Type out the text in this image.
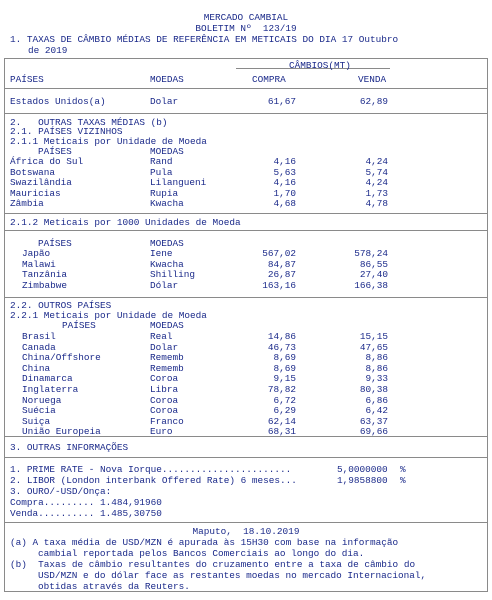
MERCADO CAMBIAL
BOLETIM Nº  123/19
1. TAXAS DE CÂMBIO MÉDIAS DE REFERÊNCIA EM METICAIS DO DIA 17 Outubro
de 2019
CÂMBIOS(MT)
PAÍSES	MOEDAS	COMPRA	VENDA
Estados Unidos(a)	Dolar	61,67	62,89
2.   OUTRAS TAXAS MÉDIAS (b)
2.1. PAÍSES VIZINHOS
2.1.1 Meticais por Unidade de Moeda
PAÍSES	MOEDAS
África do Sul	Rand	4,16	4,24
Botswana	Pula	5,63	5,74
Swazilândia	Lilangueni	4,16	4,24
Mauricias	Rupia	1,70	1,73
Zâmbia	Kwacha	4,68	4,78
2.1.2 Meticais por 1000 Unidades de Moeda
PAÍSES	MOEDAS
Japão	Iene	567,02	578,24
Malawi	Kwacha	84,87	86,55
Tanzânia	Shilling	26,87	27,40
Zimbabwe	Dólar	163,16	166,38
2.2. OUTROS PAÍSES
2.2.1 Meticais por Unidade de Moeda
PAÍSES	MOEDAS
Brasil	Real	14,86	15,15
Canada	Dolar	46,73	47,65
China/Offshore	Rememb	8,69	8,86
China	Rememb	8,69	8,86
Dinamarca	Coroa	9,15	9,33
Inglaterra	Libra	78,82	80,38
Noruega	Coroa	6,72	6,86
Suécia	Coroa	6,29	6,42
Suiça	Franco	62,14	63,37
União Europeia	Euro	68,31	69,66
3. OUTRAS INFORMAÇÕES
1. PRIME RATE - Nova Iorque.......................	5,0000000 %
2. LIBOR (London interbank Offered Rate) 6 meses...	1,9858800 %
3. OURO/-USD/Onça:
Compra......... 1.484,91960
Venda.......... 1.485,30750
Maputo,  18.10.2019
(a) A taxa média de USD/MZN é apurada às 15H30 com base na informação
cambial reportada pelos Bancos Comerciais ao longo do dia.
(b)  Taxas de câmbio resultantes do cruzamento entre a taxa de câmbio do
USD/MZN e do dólar face as restantes moedas no mercado Internacional,
obtidas através da Reuters.
